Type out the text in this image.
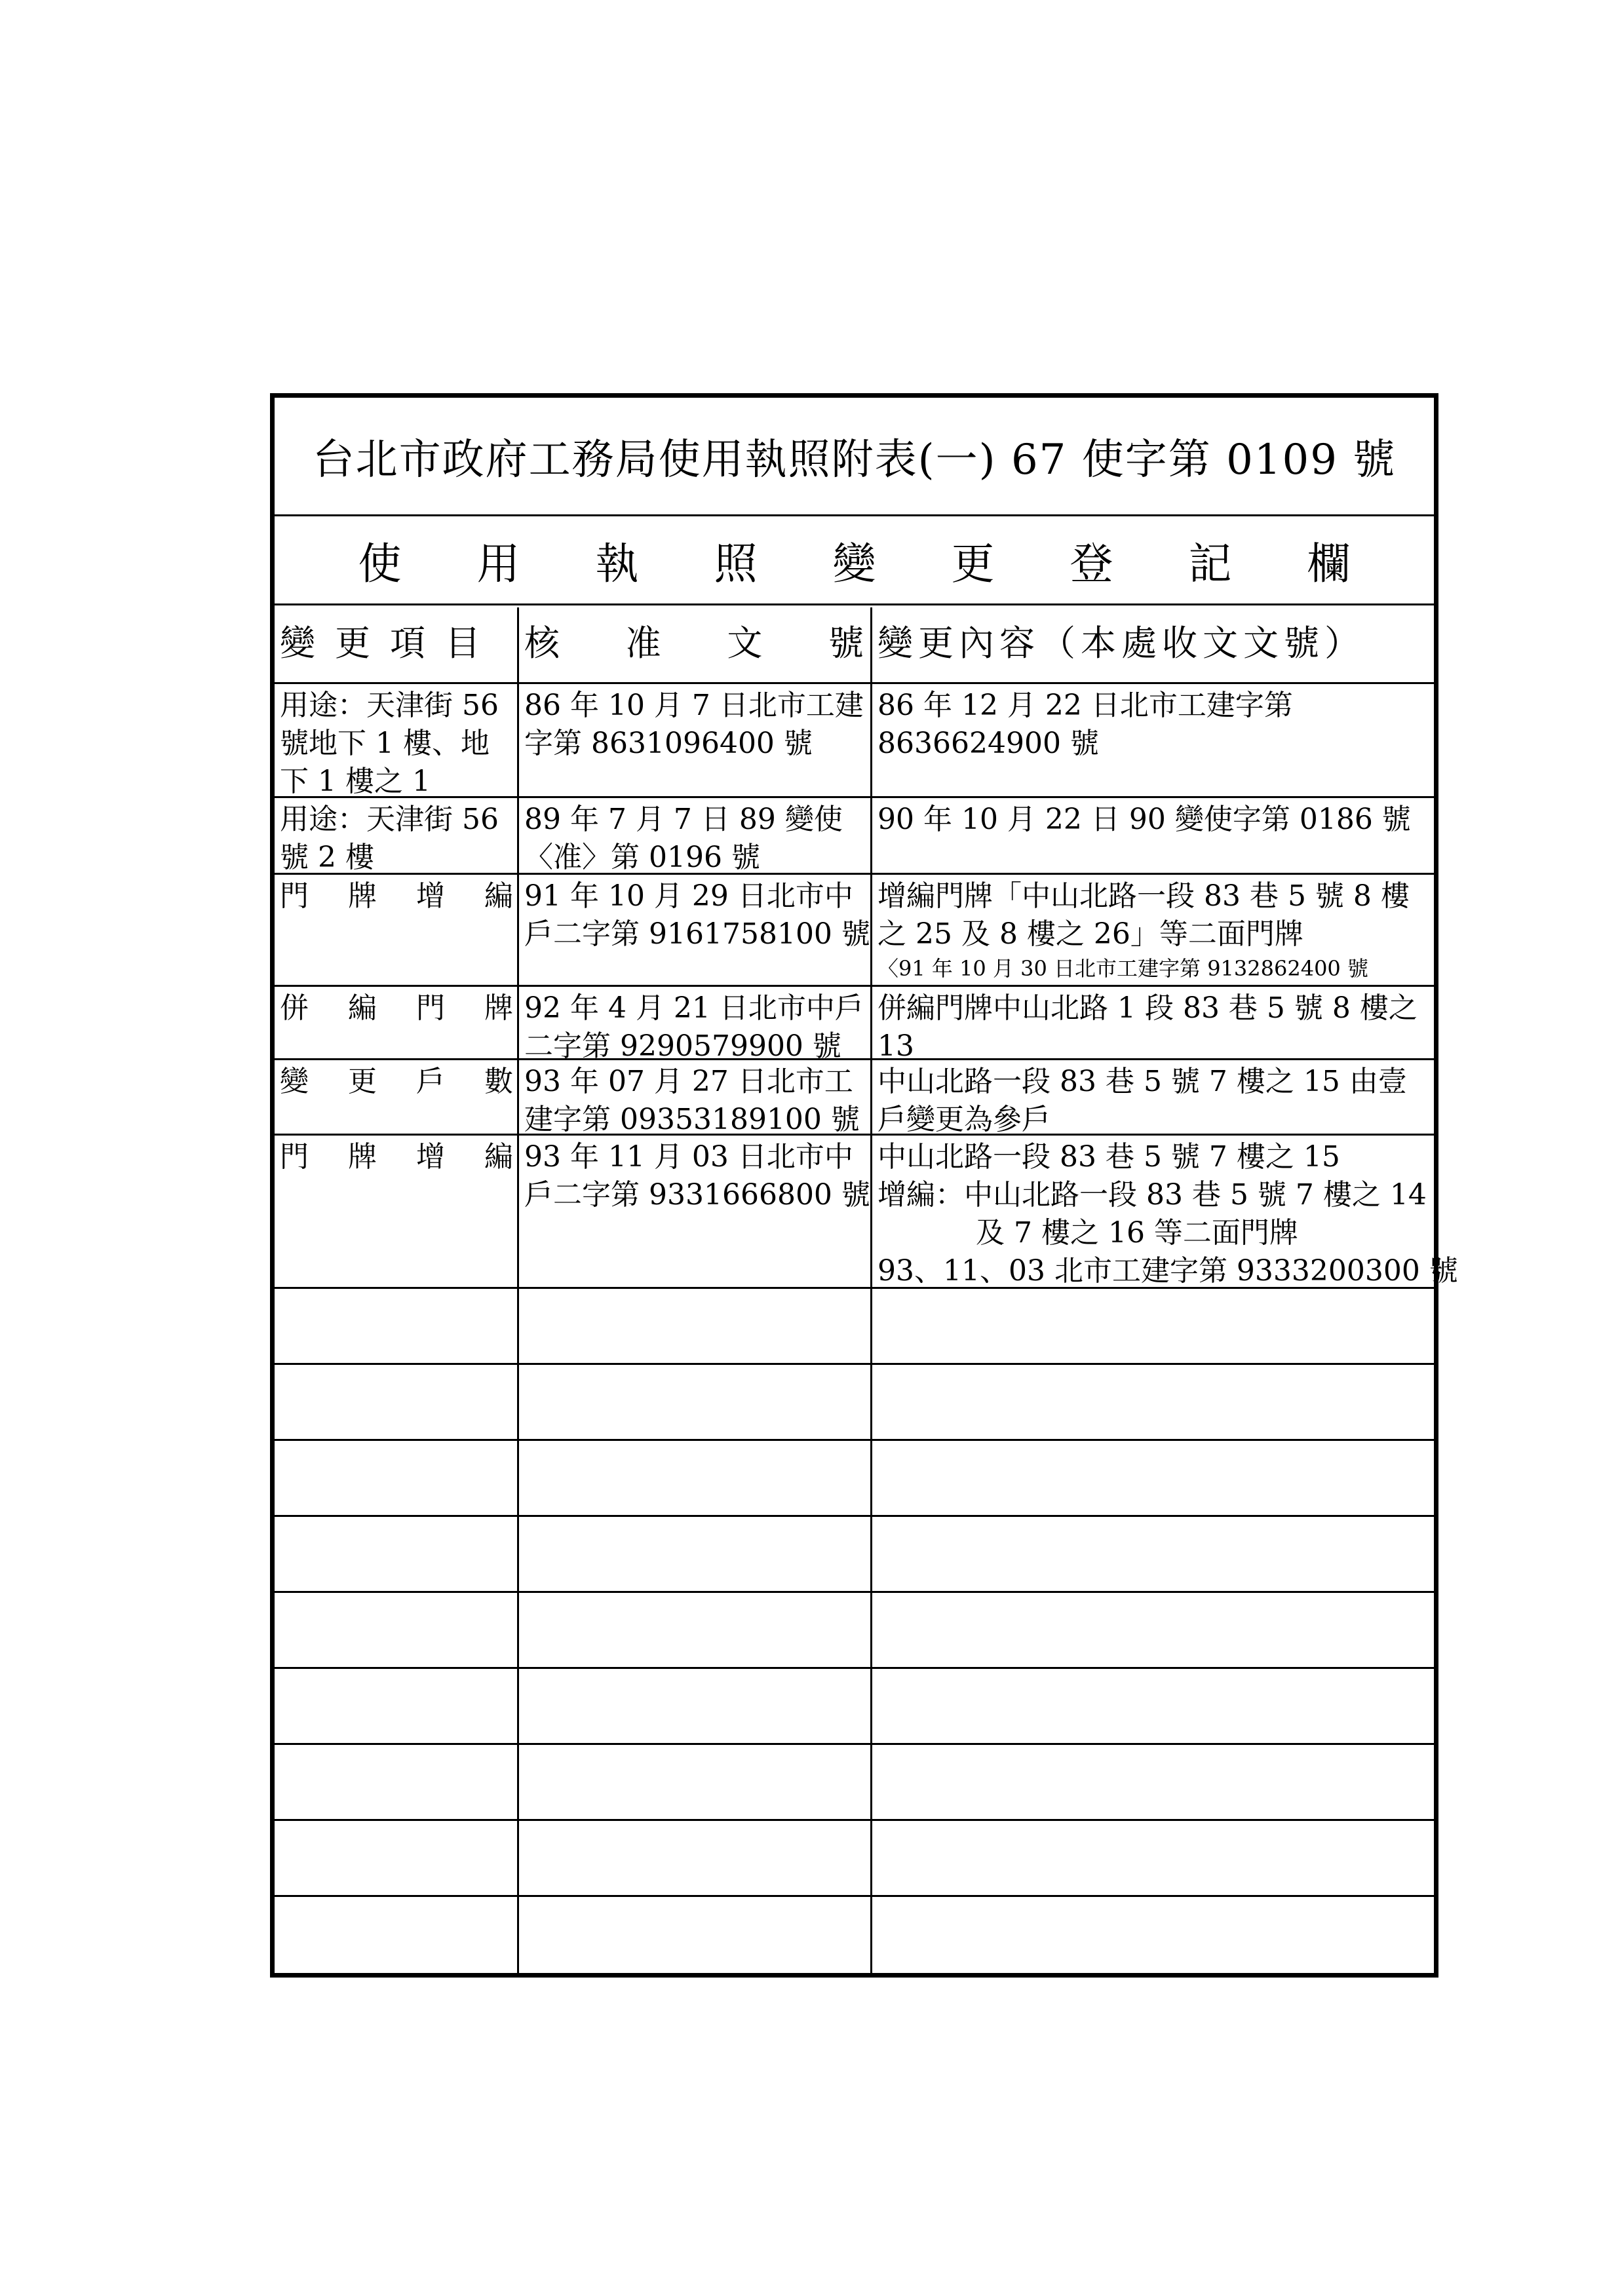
台北市政府工務局使用執照附表(一) 67 使字第 0109 號
使 用 執 照 變 更 登 記 欄
變更項目 核 准 文 號 變更內容（本處收文文號）
用途：天津街 56
號地下 1 樓、地
下 1 樓之 1
86 年 10 月 7 日北市工建
字第 8631096400 號
86 年 12 月 22 日北市工建字第
8636624900 號
用途：天津街 56
號 2 樓
89 年 7 月 7 日 89 變使
〈准〉第 0196 號
90 年 10 月 22 日 90 變使字第 0186 號
門牌增編
91 年 10 月 29 日北市中
戶二字第 9161758100 號
增編門牌「中山北路一段 83 巷 5 號 8 樓
之 25 及 8 樓之 26」等二面門牌
〈91 年 10 月 30 日北市工建字第 9132862400 號
併編門牌
92 年 4 月 21 日北市中戶
二字第 9290579900 號
併編門牌中山北路 1 段 83 巷 5 號 8 樓之
13
變更戶數
93 年 07 月 27 日北市工
建字第 09353189100 號
中山北路一段 83 巷 5 號 7 樓之 15 由壹
戶變更為參戶
門牌增編
93 年 11 月 03 日北市中
戶二字第 9331666800 號
中山北路一段 83 巷 5 號 7 樓之 15
增編：中山北路一段 83 巷 5 號 7 樓之 14
及 7 樓之 16 等二面門牌
93、11、03 北市工建字第 9333200300 號
